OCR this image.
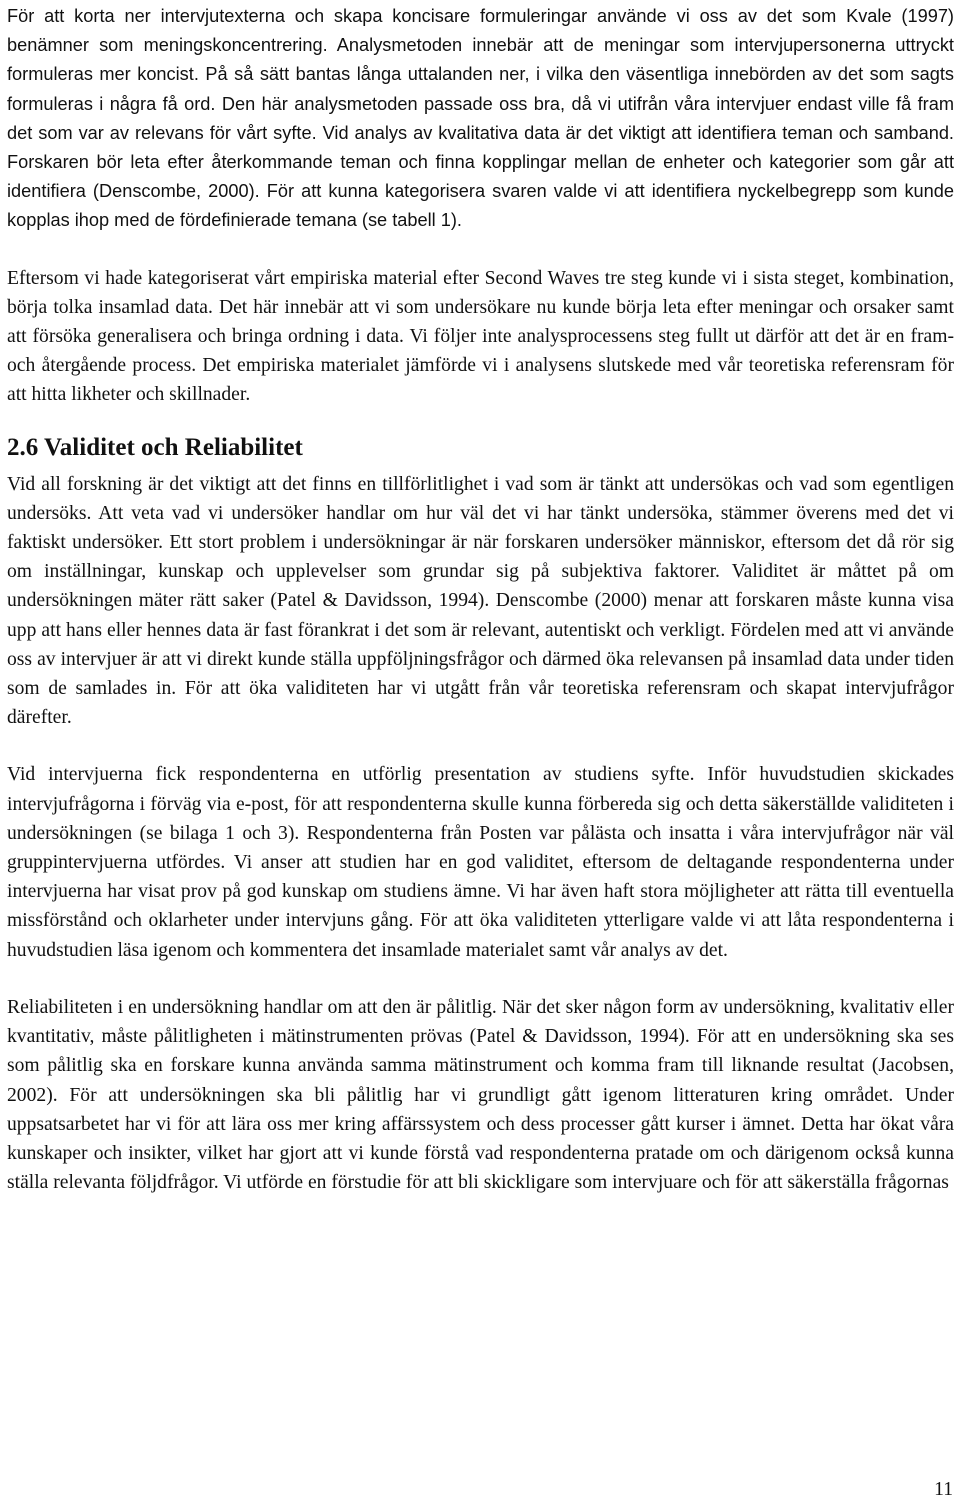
För att korta ner intervjutexterna och skapa koncisare formuleringar använde vi oss av det som Kvale (1997) benämner som meningskoncentrering. Analysmetoden innebär att de meningar som intervjupersonerna uttryckt formuleras mer koncist. På så sätt bantas långa uttalanden ner, i vilka den väsentliga innebörden av det som sagts formuleras i några få ord. Den här analysmetoden passade oss bra, då vi utifrån våra intervjuer endast ville få fram det som var av relevans för vårt syfte. Vid analys av kvalitativa data är det viktigt att identifiera teman och samband. Forskaren bör leta efter återkommande teman och finna kopplingar mellan de enheter och kategorier som går att identifiera (Denscombe, 2000). För att kunna kategorisera svaren valde vi att identifiera nyckelbegrepp som kunde kopplas ihop med de fördefinierade temana (se tabell 1).

Eftersom vi hade kategoriserat vårt empiriska material efter Second Waves tre steg kunde vi i sista steget, kombination, börja tolka insamlad data. Det här innebär att vi som undersökare nu kunde börja leta efter meningar och orsaker samt att försöka generalisera och bringa ordning i data. Vi följer inte analysprocessens steg fullt ut därför att det är en fram- och återgående process. Det empiriska materialet jämförde vi i analysens slutskede med vår teoretiska referensram för att hitta likheter och skillnader.

2.6 Validitet och Reliabilitet

Vid all forskning är det viktigt att det finns en tillförlitlighet i vad som är tänkt att undersökas och vad som egentligen undersöks. Att veta vad vi undersöker handlar om hur väl det vi har tänkt undersöka, stämmer överens med det vi faktiskt undersöker. Ett stort problem i undersökningar är när forskaren undersöker människor, eftersom det då rör sig om inställningar, kunskap och upplevelser som grundar sig på subjektiva faktorer. Validitet är måttet på om undersökningen mäter rätt saker (Patel & Davidsson, 1994). Denscombe (2000) menar att forskaren måste kunna visa upp att hans eller hennes data är fast förankrat i det som är relevant, autentiskt och verkligt. Fördelen med att vi använde oss av intervjuer är att vi direkt kunde ställa uppföljningsfrågor och därmed öka relevansen på insamlad data under tiden som de samlades in. För att öka validiteten har vi utgått från vår teoretiska referensram och skapat intervjufrågor därefter.

Vid intervjuerna fick respondenterna en utförlig presentation av studiens syfte. Inför huvudstudien skickades intervjufrågorna i förväg via e-post, för att respondenterna skulle kunna förbereda sig och detta säkerställde validiteten i undersökningen (se bilaga 1 och 3). Respondenterna från Posten var pålästa och insatta i våra intervjufrågor när väl gruppintervjuerna utfördes. Vi anser att studien har en god validitet, eftersom de deltagande respondenterna under intervjuerna har visat prov på god kunskap om studiens ämne. Vi har även haft stora möjligheter att rätta till eventuella missförstånd och oklarheter under intervjuns gång. För att öka validiteten ytterligare valde vi att låta respondenterna i huvudstudien läsa igenom och kommentera det insamlade materialet samt vår analys av det.

Reliabiliteten i en undersökning handlar om att den är pålitlig. När det sker någon form av undersökning, kvalitativ eller kvantitativ, måste pålitligheten i mätinstrumenten prövas (Patel & Davidsson, 1994). För att en undersökning ska ses som pålitlig ska en forskare kunna använda samma mätinstrument och komma fram till liknande resultat (Jacobsen, 2002). För att undersökningen ska bli pålitlig har vi grundligt gått igenom litteraturen kring området. Under uppsatsarbetet har vi för att lära oss mer kring affärssystem och dess processer gått kurser i ämnet. Detta har ökat våra kunskaper och insikter, vilket har gjort att vi kunde förstå vad respondenterna pratade om och därigenom också kunna ställa relevanta följdfrågor. Vi utförde en förstudie för att bli skickligare som intervjuare och för att säkerställa frågornas

11
